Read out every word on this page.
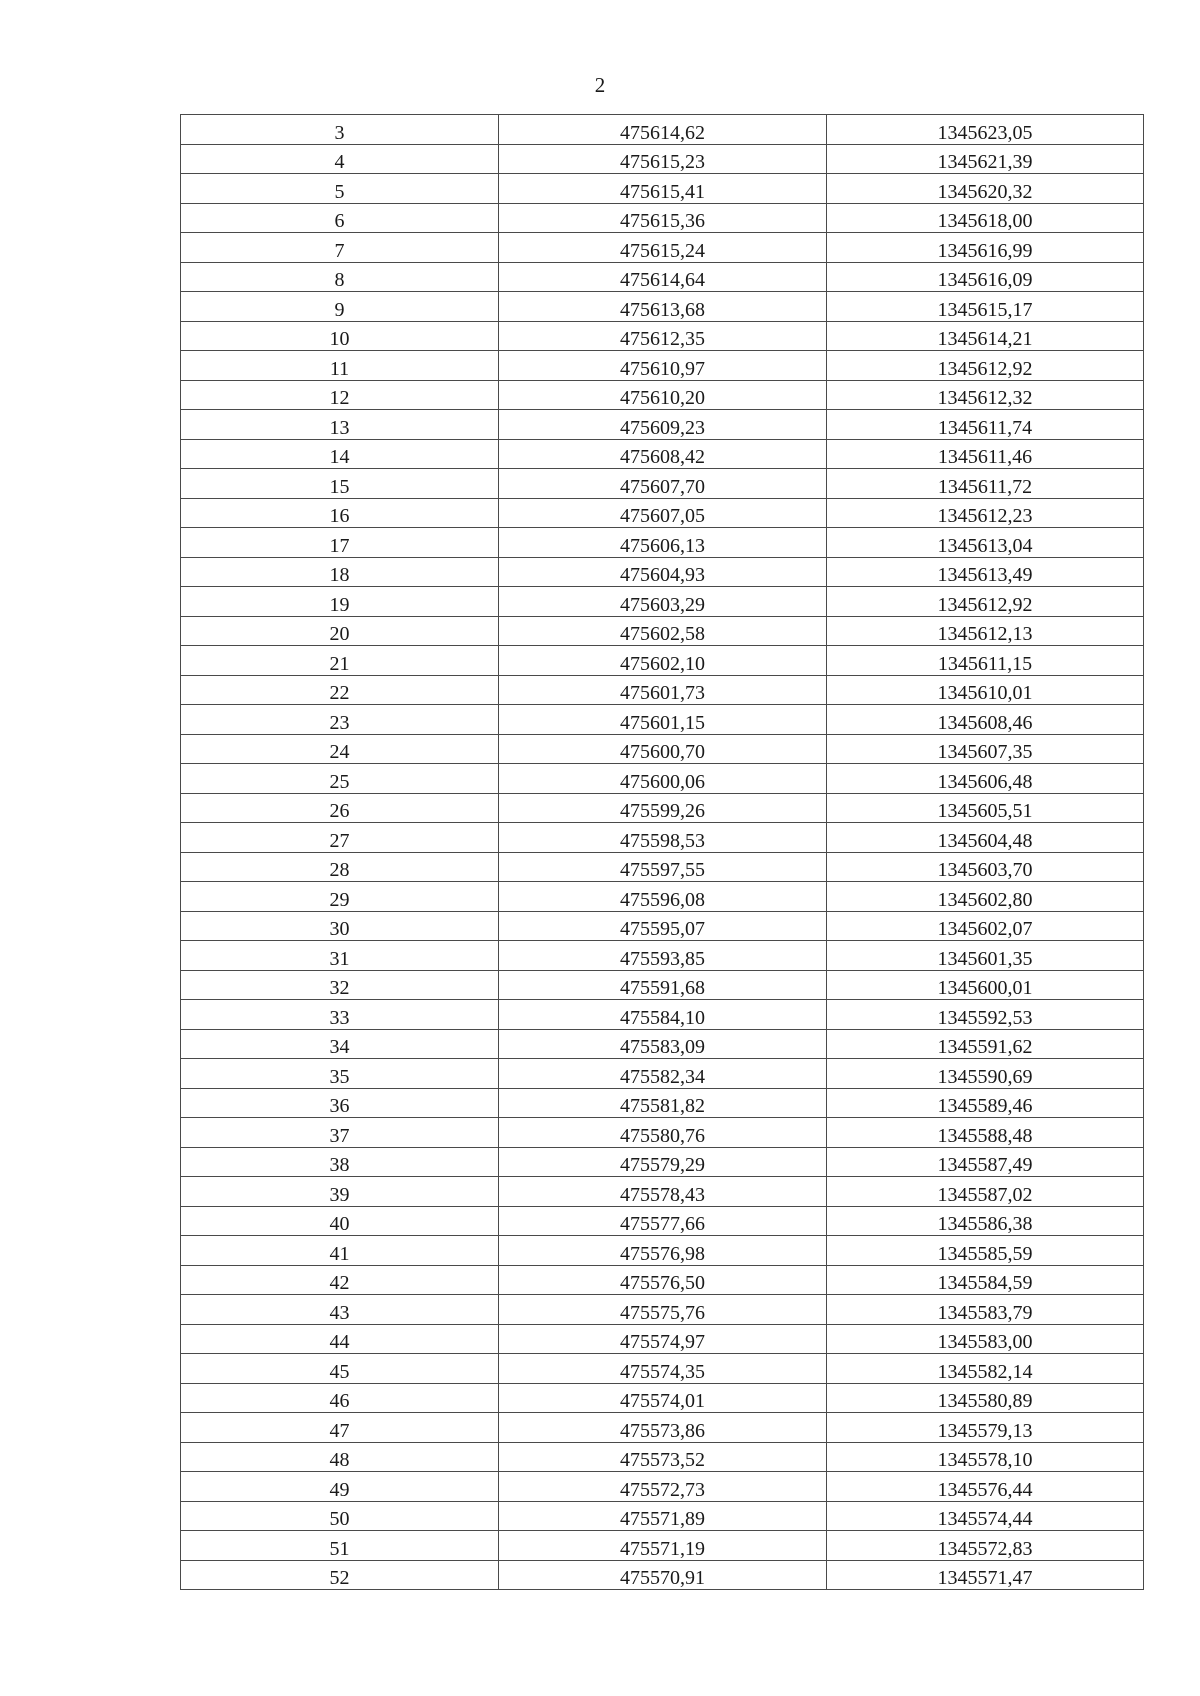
2
3	475614,62	1345623,05
4	475615,23	1345621,39
5	475615,41	1345620,32
6	475615,36	1345618,00
7	475615,24	1345616,99
8	475614,64	1345616,09
9	475613,68	1345615,17
10	475612,35	1345614,21
11	475610,97	1345612,92
12	475610,20	1345612,32
13	475609,23	1345611,74
14	475608,42	1345611,46
15	475607,70	1345611,72
16	475607,05	1345612,23
17	475606,13	1345613,04
18	475604,93	1345613,49
19	475603,29	1345612,92
20	475602,58	1345612,13
21	475602,10	1345611,15
22	475601,73	1345610,01
23	475601,15	1345608,46
24	475600,70	1345607,35
25	475600,06	1345606,48
26	475599,26	1345605,51
27	475598,53	1345604,48
28	475597,55	1345603,70
29	475596,08	1345602,80
30	475595,07	1345602,07
31	475593,85	1345601,35
32	475591,68	1345600,01
33	475584,10	1345592,53
34	475583,09	1345591,62
35	475582,34	1345590,69
36	475581,82	1345589,46
37	475580,76	1345588,48
38	475579,29	1345587,49
39	475578,43	1345587,02
40	475577,66	1345586,38
41	475576,98	1345585,59
42	475576,50	1345584,59
43	475575,76	1345583,79
44	475574,97	1345583,00
45	475574,35	1345582,14
46	475574,01	1345580,89
47	475573,86	1345579,13
48	475573,52	1345578,10
49	475572,73	1345576,44
50	475571,89	1345574,44
51	475571,19	1345572,83
52	475570,91	1345571,47
